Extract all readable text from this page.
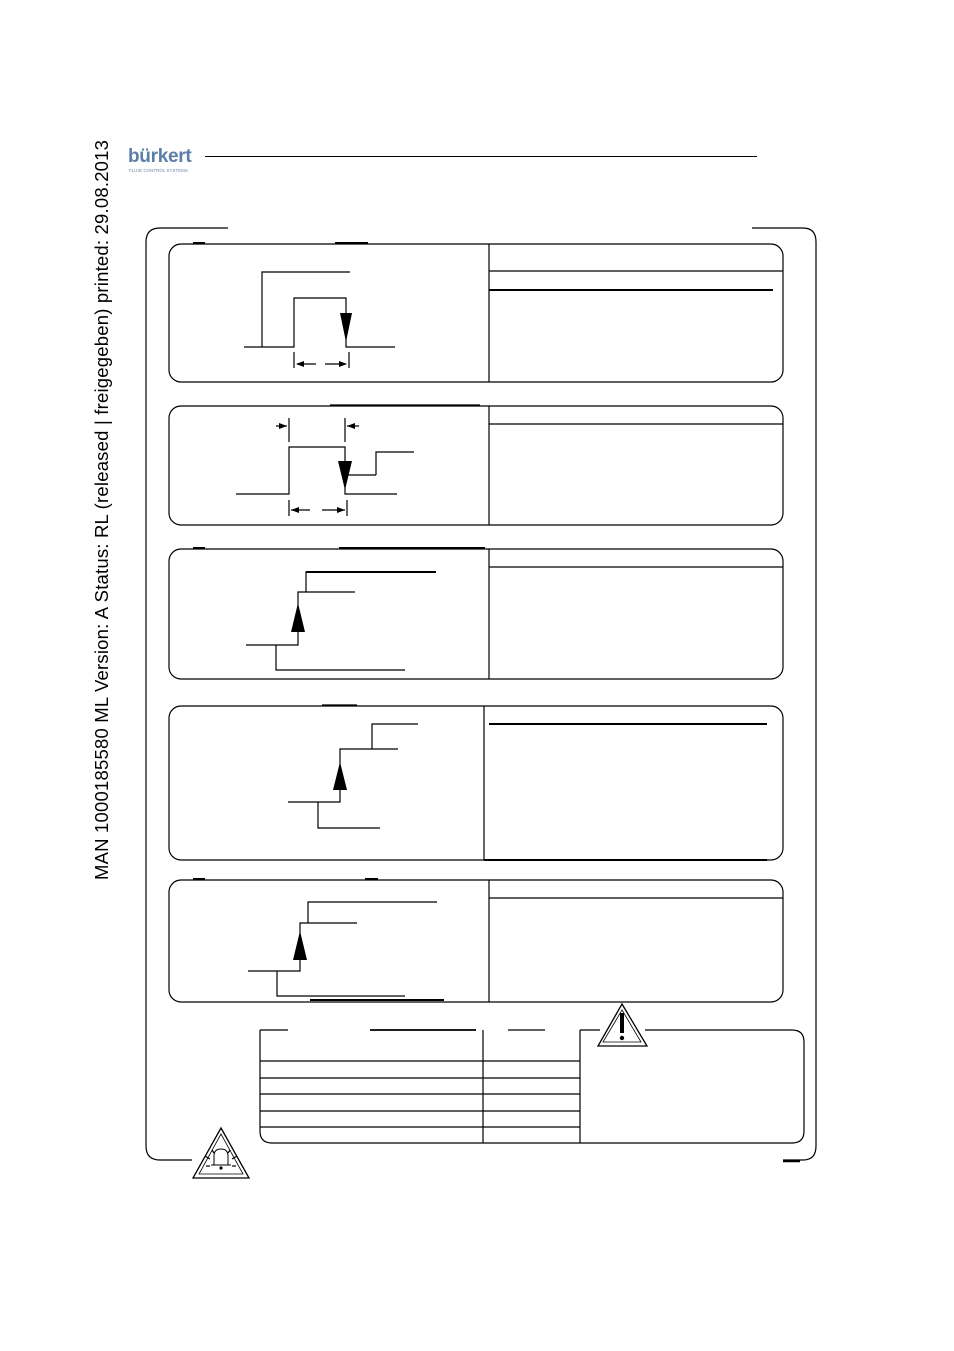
MAN 1000185580 ML Version: A Status: RL (released | freigegeben) printed: 29.08.2013 bürkert
FLUID CONTROL SYSTEMS
